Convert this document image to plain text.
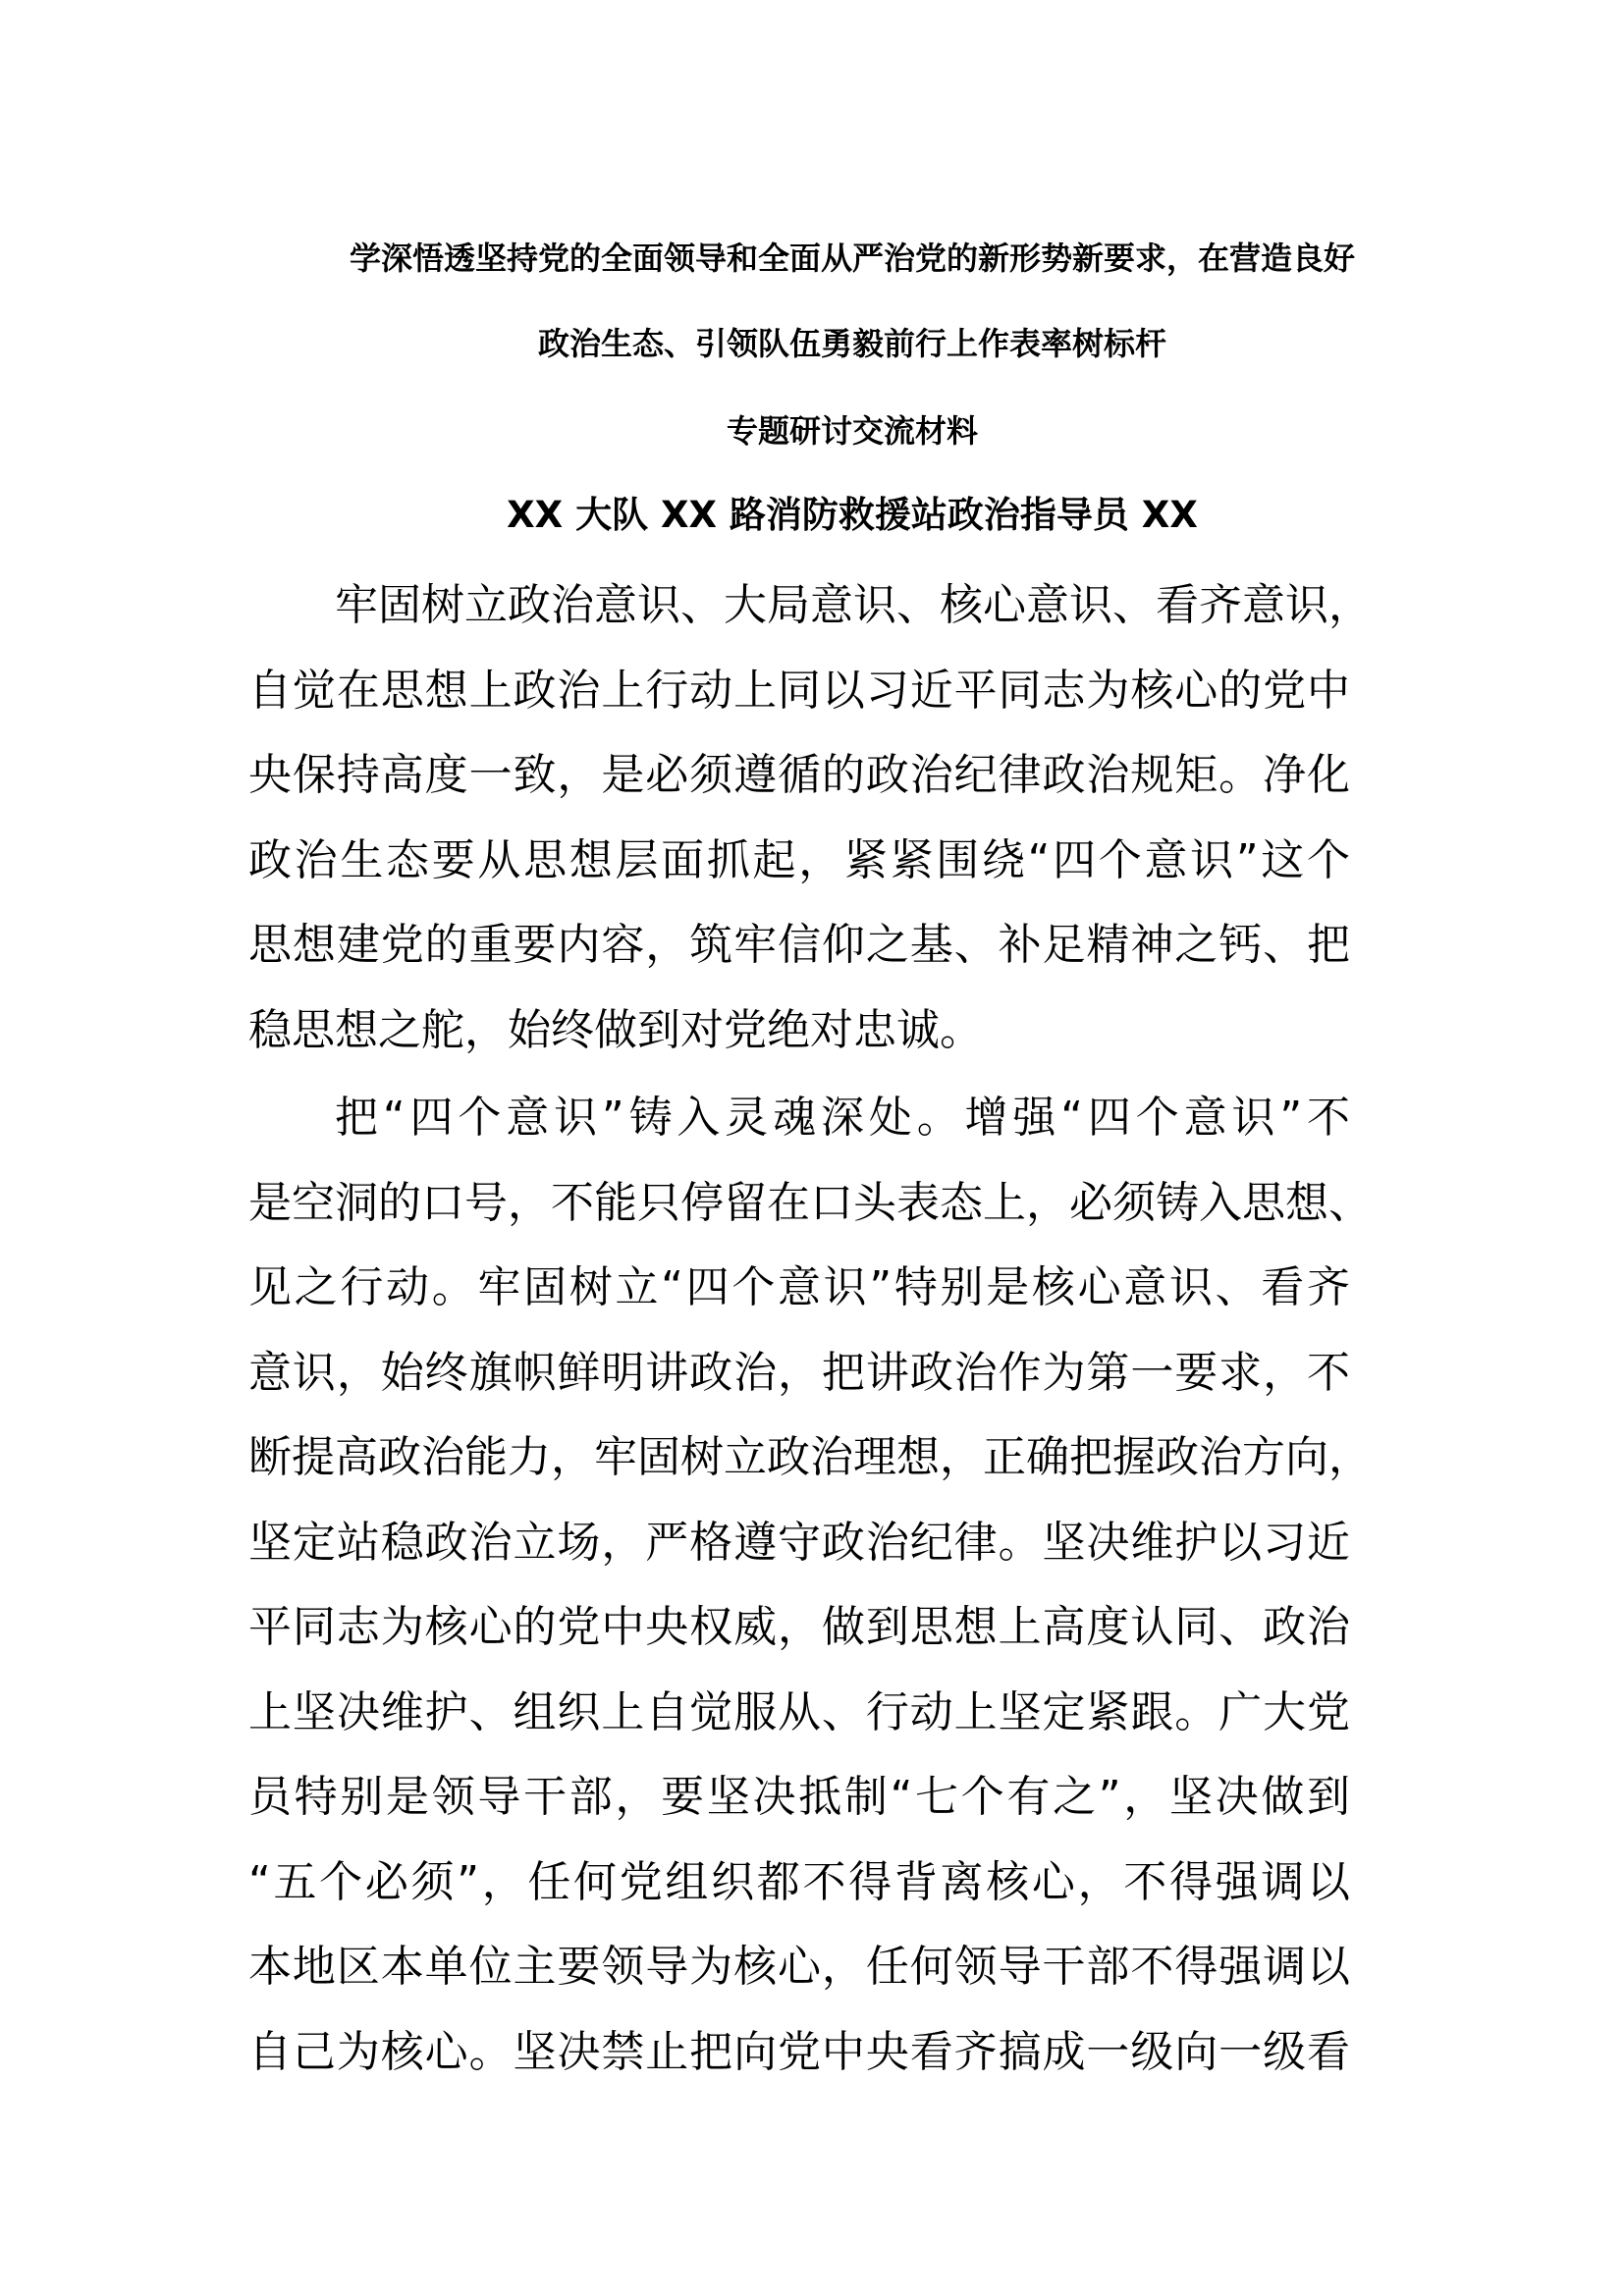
学深悟透坚持党的全面领导和全面从严治党的新形势新要求，在营造良好
政治生态、引领队伍勇毅前行上作表率树标杆
专题研讨交流材料
XX 大队 XX 路消防救援站政治指导员 XX
牢固树立政治意识、大局意识、核心意识、看齐意识，
自觉在思想上政治上行动上同以习近平同志为核心的党中
央保持高度一致，是必须遵循的政治纪律政治规矩。净化
政治生态要从思想层面抓起，紧紧围绕“四个意识”这个
思想建党的重要内容，筑牢信仰之基、补足精神之钙、把
稳思想之舵，始终做到对党绝对忠诚。
把“四个意识”铸入灵魂深处。增强“四个意识”不
是空洞的口号，不能只停留在口头表态上，必须铸入思想、
见之行动。牢固树立“四个意识”特别是核心意识、看齐
意识，始终旗帜鲜明讲政治，把讲政治作为第一要求，不
断提高政治能力，牢固树立政治理想，正确把握政治方向，
坚定站稳政治立场，严格遵守政治纪律。坚决维护以习近
平同志为核心的党中央权威，做到思想上高度认同、政治
上坚决维护、组织上自觉服从、行动上坚定紧跟。广大党
员特别是领导干部，要坚决抵制“七个有之”，坚决做到
“五个必须”，任何党组织都不得背离核心，不得强调以
本地区本单位主要领导为核心，任何领导干部不得强调以
自己为核心。坚决禁止把向党中央看齐搞成一级向一级看
